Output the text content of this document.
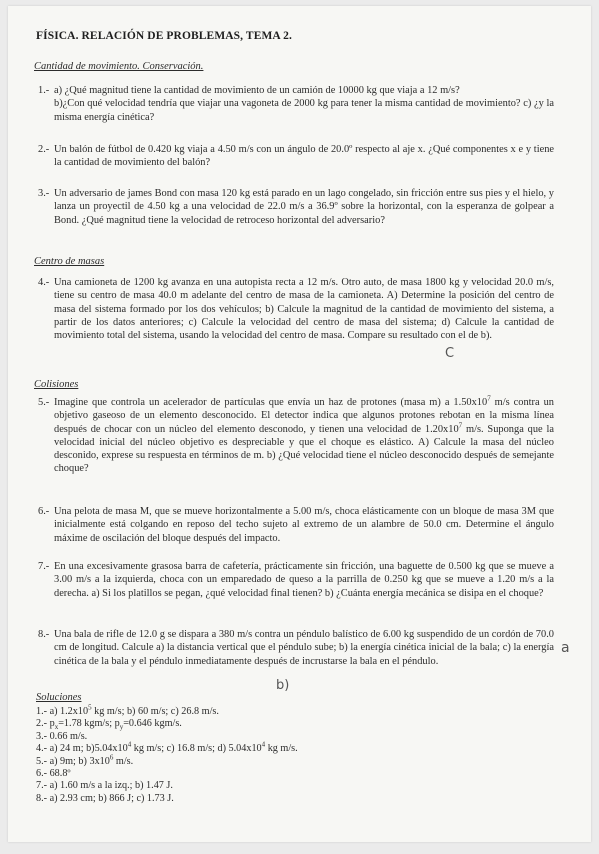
FÍSICA. RELACIÓN DE PROBLEMAS, TEMA 2.
Cantidad de movimiento. Conservación.
1.- a) ¿Qué magnitud tiene la cantidad de movimiento de un camión de 10000 kg que viaja a 12 m/s?
b)¿Con qué velocidad tendría que viajar una vagoneta de 2000 kg para tener la misma cantidad de movimiento? c) ¿y la misma energía cinética?

2.- Un balón de fútbol de 0.420 kg viaja a 4.50 m/s con un ángulo de 20.0º respecto al aje x. ¿Qué componentes x e y tiene la cantidad de movimiento del balón?

3.- Un adversario de james Bond con masa 120 kg está parado en un lago congelado, sin fricción entre sus pies y el hielo, y lanza un proyectil de 4.50 kg a una velocidad de 22.0 m/s a 36.9º sobre la horizontal, con la esperanza de golpear a Bond. ¿Qué magnitud tiene la velocidad de retroceso horizontal del adversario?

Centro de masas
4.- Una camioneta de 1200 kg avanza en una autopista recta a 12 m/s. Otro auto, de masa 1800 kg y velocidad 20.0 m/s, tiene su centro de masa 40.0 m adelante del centro de masa de la camioneta. A) Determine la posición del centro de masa del sistema formado por los dos vehículos; b) Calcule la magnitud de la cantidad de movimiento del sistema, a partir de los datos anteriores; c) Calcule la velocidad del centro de masa del sistema; d) Calcule la cantidad de movimiento total del sistema, usando la velocidad del centro de masa. Compare su resultado con el de b).

C
Colisiones
5.- Imagine que controla un acelerador de partículas que envía un haz de protones (masa m) a $1.50x10^7$ m/s contra un objetivo gaseoso de un elemento desconocido. El detector indica que algunos protones rebotan en la misma línea después de chocar con un núcleo del elemento desconodo, y tienen una velocidad de $1.20x10^7$ m/s. Suponga que la velocidad inicial del núcleo objetivo es despreciable y que el choque es elástico. A) Calcule la masa del núcleo desconido, exprese su respuesta en términos de m. b) ¿Qué velocidad tiene el núcleo desconocido después de semejante choque?

6.- Una pelota de masa M, que se mueve horizontalmente a 5.00 m/s, choca elásticamente con un bloque de masa 3M que inicialmente está colgando en reposo del techo sujeto al extremo de un alambre de 50.0 cm. Determine el ángulo máxime de oscilación del bloque después del impacto.

7.- En una excesivamente grasosa barra de cafetería, prácticamente sin fricción, una baguette de 0.500 kg que se mueve a 3.00 m/s a la izquierda, choca con un emparedado de queso a la parrilla de 0.250 kg que se mueve a 1.20 m/s a la derecha. a) Si los platillos se pegan, ¿qué velocidad final tienen? b) ¿Cuánta energía mecánica se disipa en el choque?

8.- Una bala de rifle de 12.0 g se dispara a 380 m/s contra un péndulo balístico de 6.00 kg suspendido de un cordón de 70.0 cm de longitud. Calcule a) la distancia vertical que el péndulo sube; b) la energía cinética inicial de la bala; c) la energía cinética de la bala y el péndulo inmediatamente después de incrustarse la bala en el péndulo.

a
b)
Soluciones
1.- a) $1.2x10^5$ kg m/s; b) 60 m/s; c) 26.8 m/s.
2.- $p_x=1.78$ kgm/s; $p_y=0.646$ kgm/s.
3.- 0.66 m/s.
4.- a) 24 m; $b)5.04x10^4$ kg m/s; c) 16.8 m/s; d) $5.04x10^4$ kg m/s.
5.- a) 9m; b) $3x10^6$ m/s.
6.- 68.8º
7.- a) 1.60 m/s a la izq.; b) 1.47 J.
8.- a) 2.93 cm; b) 866 J; c) 1.73 J.
